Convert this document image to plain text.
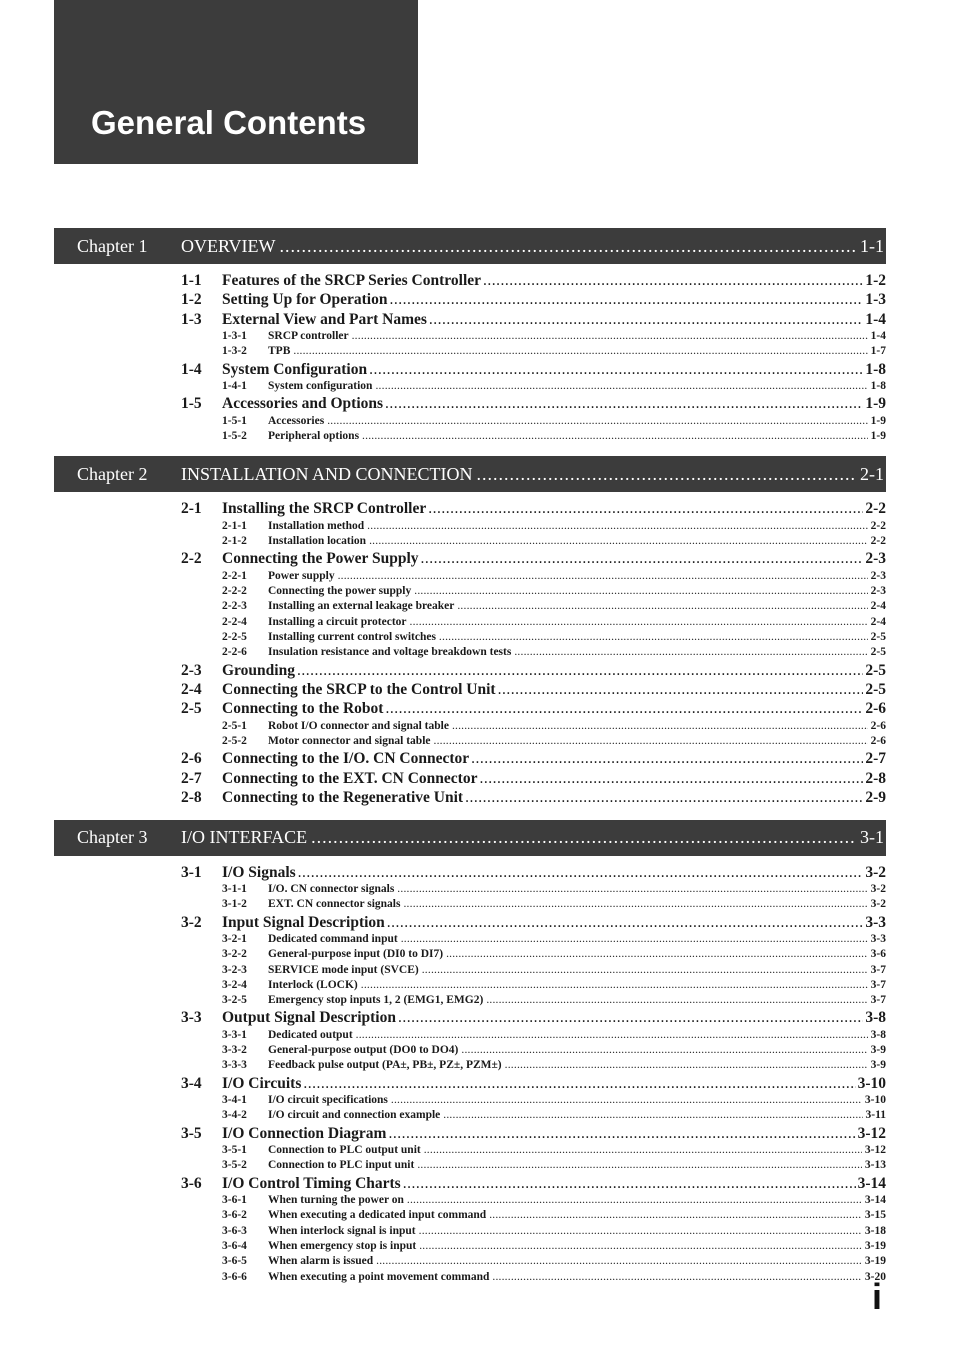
General Contents
Chapter 1	OVERVIEW .....	1-1
1-1	Features of the SRCP Series Controller .....	1-2
1-2	Setting Up for Operation .....	1-3
1-3	External View and Part Names .....	1-4
1-3-1	SRCP controller .....	1-4
1-3-2	TPB .....	1-7
1-4	System Configuration .....	1-8
1-4-1	System configuration .....	1-8
1-5	Accessories and Options .....	1-9
1-5-1	Accessories .....	1-9
1-5-2	Peripheral options .....	1-9
Chapter 2	INSTALLATION AND CONNECTION .....	2-1
2-1	Installing the SRCP Controller .....	2-2
2-1-1	Installation method .....	2-2
2-1-2	Installation location .....	2-2
2-2	Connecting the Power Supply .....	2-3
2-2-1	Power supply .....	2-3
2-2-2	Connecting the power supply .....	2-3
2-2-3	Installing an external leakage breaker .....	2-4
2-2-4	Installing a circuit protector .....	2-4
2-2-5	Installing current control switches .....	2-5
2-2-6	Insulation resistance and voltage breakdown tests .....	2-5
2-3	Grounding .....	2-5
2-4	Connecting the SRCP to the Control Unit .....	2-5
2-5	Connecting to the Robot .....	2-6
2-5-1	Robot I/O connector and signal table .....	2-6
2-5-2	Motor connector and signal table .....	2-6
2-6	Connecting to the I/O. CN Connector .....	2-7
2-7	Connecting to the EXT. CN Connector .....	2-8
2-8	Connecting to the Regenerative Unit .....	2-9
Chapter 3	I/O INTERFACE .....	3-1
3-1	I/O Signals .....	3-2
3-1-1	I/O. CN connector signals .....	3-2
3-1-2	EXT. CN connector signals .....	3-2
3-2	Input Signal Description .....	3-3
3-2-1	Dedicated command input .....	3-3
3-2-2	General-purpose input (DI0 to DI7) .....	3-6
3-2-3	SERVICE mode input (SVCE) .....	3-7
3-2-4	Interlock (LOCK) .....	3-7
3-2-5	Emergency stop inputs 1, 2 (EMG1, EMG2) .....	3-7
3-3	Output Signal Description .....	3-8
3-3-1	Dedicated output .....	3-8
3-3-2	General-purpose output (DO0 to DO4) .....	3-9
3-3-3	Feedback pulse output (PA±, PB±, PZ±, PZM±) .....	3-9
3-4	I/O Circuits .....	3-10
3-4-1	I/O circuit specifications .....	3-10
3-4-2	I/O circuit and connection example .....	3-11
3-5	I/O Connection Diagram .....	3-12
3-5-1	Connection to PLC output unit .....	3-12
3-5-2	Connection to PLC input unit .....	3-13
3-6	I/O Control Timing Charts .....	3-14
3-6-1	When turning the power on .....	3-14
3-6-2	When executing a dedicated input command .....	3-15
3-6-3	When interlock signal is input .....	3-18
3-6-4	When emergency stop is input .....	3-19
3-6-5	When alarm is issued .....	3-19
3-6-6	When executing a point movement command .....	3-20
i
